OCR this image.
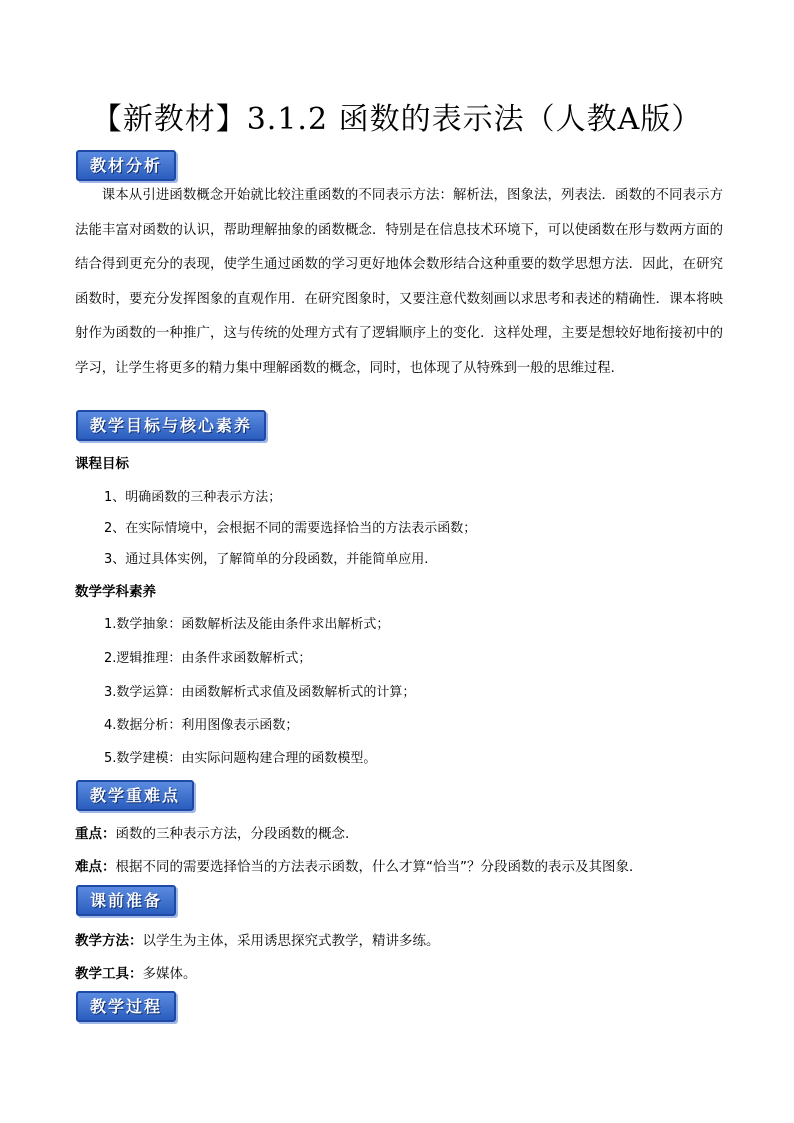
【新教材】3.1.2 函数的表示法（人教A版）
教材分析
课本从引进函数概念开始就比较注重函数的不同表示方法：解析法，图象法，列表法．函数的不同表示方法能丰富对函数的认识，帮助理解抽象的函数概念．特别是在信息技术环境下，可以使函数在形与数两方面的结合得到更充分的表现，使学生通过函数的学习更好地体会数形结合这种重要的数学思想方法．因此，在研究函数时，要充分发挥图象的直观作用．在研究图象时，又要注意代数刻画以求思考和表述的精确性．课本将映射作为函数的一种推广，这与传统的处理方式有了逻辑顺序上的变化．这样处理，主要是想较好地衔接初中的学习，让学生将更多的精力集中理解函数的概念，同时，也体现了从特殊到一般的思维过程．
教学目标与核心素养
课程目标
1、明确函数的三种表示方法；
2、在实际情境中，会根据不同的需要选择恰当的方法表示函数；
3、通过具体实例，了解简单的分段函数，并能简单应用.
数学学科素养
1.数学抽象：函数解析法及能由条件求出解析式；
2.逻辑推理：由条件求函数解析式；
3.数学运算：由函数解析式求值及函数解析式的计算；
4.数据分析：利用图像表示函数；
5.数学建模：由实际问题构建合理的函数模型。
教学重难点
重点：函数的三种表示方法，分段函数的概念.
难点：根据不同的需要选择恰当的方法表示函数，什么才算“恰当”？分段函数的表示及其图象．
课前准备
教学方法：以学生为主体，采用诱思探究式教学，精讲多练。
教学工具：多媒体。
教学过程
